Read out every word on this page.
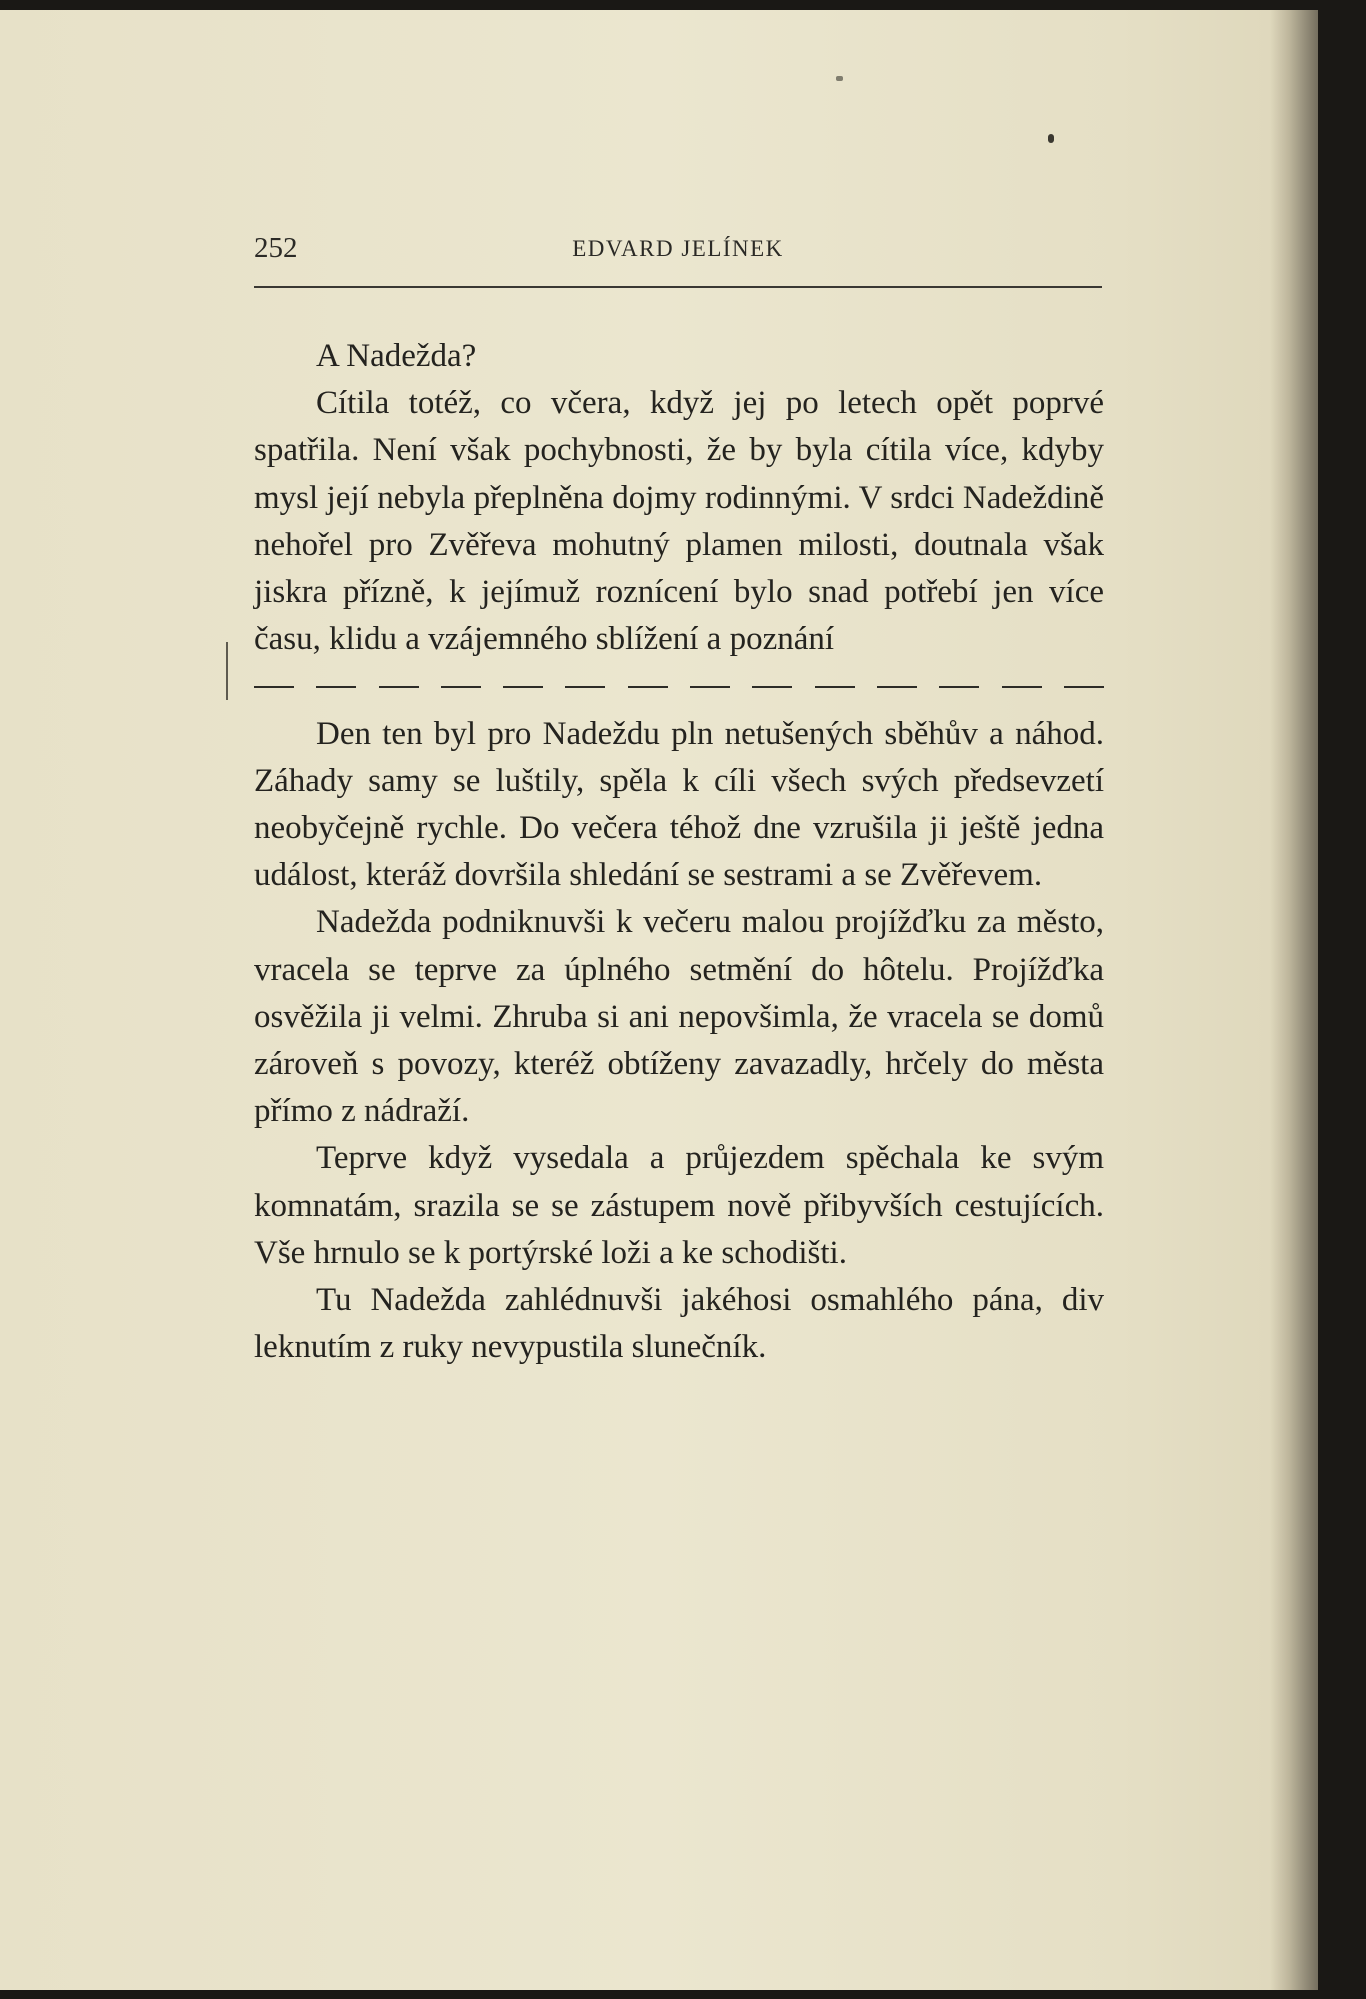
252	EDVARD JELÍNEK

A Nadežda?

Cítila totéž, co včera, když jej po letech opět poprvé spatřila. Není však pochybnosti, že by byla cítila více, kdyby mysl její nebyla přeplněna dojmy rodinnými. V srdci Nadeždině nehořel pro Zvěřeva mohutný plamen milosti, doutnala však jiskra přízně, k jejímuž roznícení bylo snad potřebí jen více času, klidu a vzájemného sblížení a poznání

Den ten byl pro Nadeždu pln netušených sběhův a náhod. Záhady samy se luštily, spěla k cíli všech svých předsevzetí neobyčejně rychle. Do večera téhož dne vzrušila ji ještě jedna událost, kteráž dovršila shledání se sestrami a se Zvěřevem.

Nadežda podniknuvši k večeru malou projížďku za město, vracela se teprve za úplného setmění do hôtelu. Projížďka osvěžila ji velmi. Zhruba si ani nepovšimla, že vracela se domů zároveň s povozy, kteréž obtíženy zavazadly, hrčely do města přímo z nádraží.

Teprve když vysedala a průjezdem spěchala ke svým komnatám, srazila se se zástupem nově přibyvších cestujících. Vše hrnulo se k portýrské loži a ke schodišti.

Tu Nadežda zahlédnuvši jakéhosi osmahlého pána, div leknutím z ruky nevypustila slunečník.
